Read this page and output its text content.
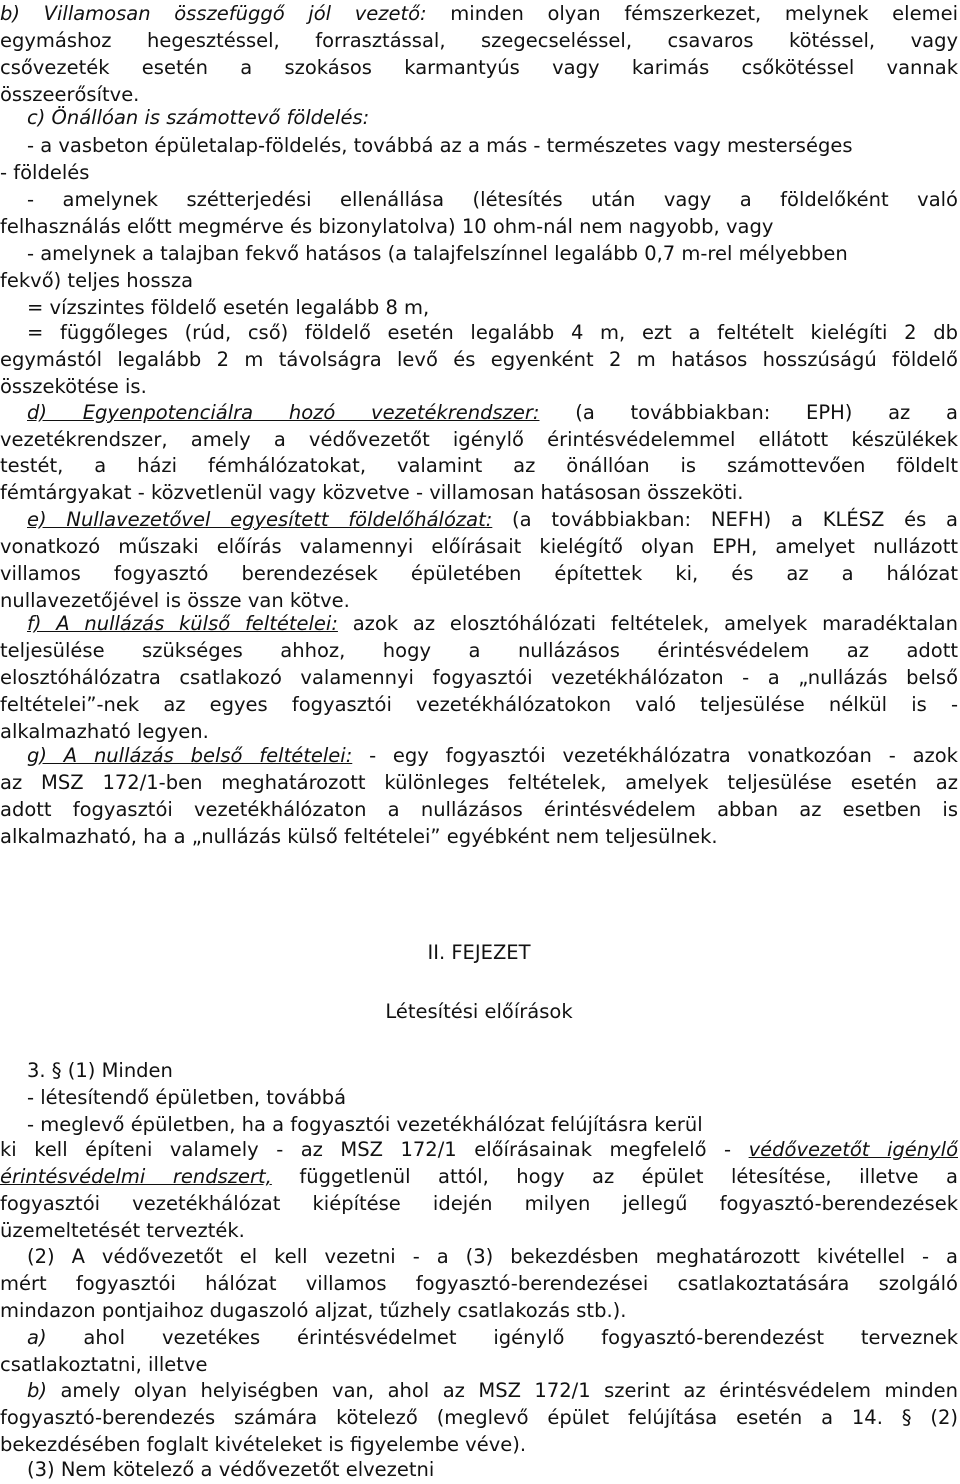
b) Villamosan összefüggő jól vezető: minden olyan fémszerkezet, melynek elemei
egymáshoz hegesztéssel, forrasztással, szegecseléssel, csavaros kötéssel, vagy
csővezeték esetén a szokásos karmantyús vagy karimás csőkötéssel vannak
összeerősítve.
c) Önállóan is számottevő földelés:
- a vasbeton épületalap-földelés, továbbá az a más - természetes vagy mesterséges
- földelés
- amelynek szétterjedési ellenállása (létesítés után vagy a földelőként való
felhasználás előtt megmérve és bizonylatolva) 10 ohm-nál nem nagyobb, vagy
- amelynek a talajban fekvő hatásos (a talajfelszínnel legalább 0,7 m-rel mélyebben
fekvő) teljes hossza
= vízszintes földelő esetén legalább 8 m,
= függőleges (rúd, cső) földelő esetén legalább 4 m, ezt a feltételt kielégíti 2 db
egymástól legalább 2 m távolságra levő és egyenként 2 m hatásos hosszúságú földelő
összekötése is.
d) Egyenpotenciálra hozó vezetékrendszer: (a továbbiakban: EPH) az a
vezetékrendszer, amely a védővezetőt igénylő érintésvédelemmel ellátott készülékek
testét, a házi fémhálózatokat, valamint az önállóan is számottevően földelt
fémtárgyakat - közvetlenül vagy közvetve - villamosan hatásosan összeköti.
e) Nullavezetővel egyesített földelőhálózat: (a továbbiakban: NEFH) a KLÉSZ és a
vonatkozó műszaki előírás valamennyi előírásait kielégítő olyan EPH, amelyet nullázott
villamos fogyasztó berendezések épületében építettek ki, és az a hálózat
nullavezetőjével is össze van kötve.
f) A nullázás külső feltételei: azok az elosztóhálózati feltételek, amelyek maradéktalan
teljesülése szükséges ahhoz, hogy a nullázásos érintésvédelem az adott
elosztóhálózatra csatlakozó valamennyi fogyasztói vezetékhálózaton - a „nullázás belső
feltételei”-nek az egyes fogyasztói vezetékhálózatokon való teljesülése nélkül is -
alkalmazható legyen.
g) A nullázás belső feltételei: - egy fogyasztói vezetékhálózatra vonatkozóan - azok
az MSZ 172/1-ben meghatározott különleges feltételek, amelyek teljesülése esetén az
adott fogyasztói vezetékhálózaton a nullázásos érintésvédelem abban az esetben is
alkalmazható, ha a „nullázás külső feltételei” egyébként nem teljesülnek.
II. FEJEZET
Létesítési előírások
3. § (1) Minden
- létesítendő épületben, továbbá
- meglevő épületben, ha a fogyasztói vezetékhálózat felújításra kerül
ki kell építeni valamely - az MSZ 172/1 előírásainak megfelelő - védővezetőt igénylő
érintésvédelmi rendszert, függetlenül attól, hogy az épület létesítése, illetve a
fogyasztói vezetékhálózat kiépítése idején milyen jellegű fogyasztó-berendezések
üzemeltetését tervezték.
(2) A védővezetőt el kell vezetni - a (3) bekezdésben meghatározott kivétellel - a
mért fogyasztói hálózat villamos fogyasztó-berendezései csatlakoztatására szolgáló
mindazon pontjaihoz dugaszoló aljzat, tűzhely csatlakozás stb.).
a) ahol vezetékes érintésvédelmet igénylő fogyasztó-berendezést terveznek
csatlakoztatni, illetve
b) amely olyan helyiségben van, ahol az MSZ 172/1 szerint az érintésvédelem minden
fogyasztó-berendezés számára kötelező (meglevő épület felújítása esetén a 14. § (2)
bekezdésében foglalt kivételeket is figyelembe véve).
(3) Nem kötelező a védővezetőt elvezetni
